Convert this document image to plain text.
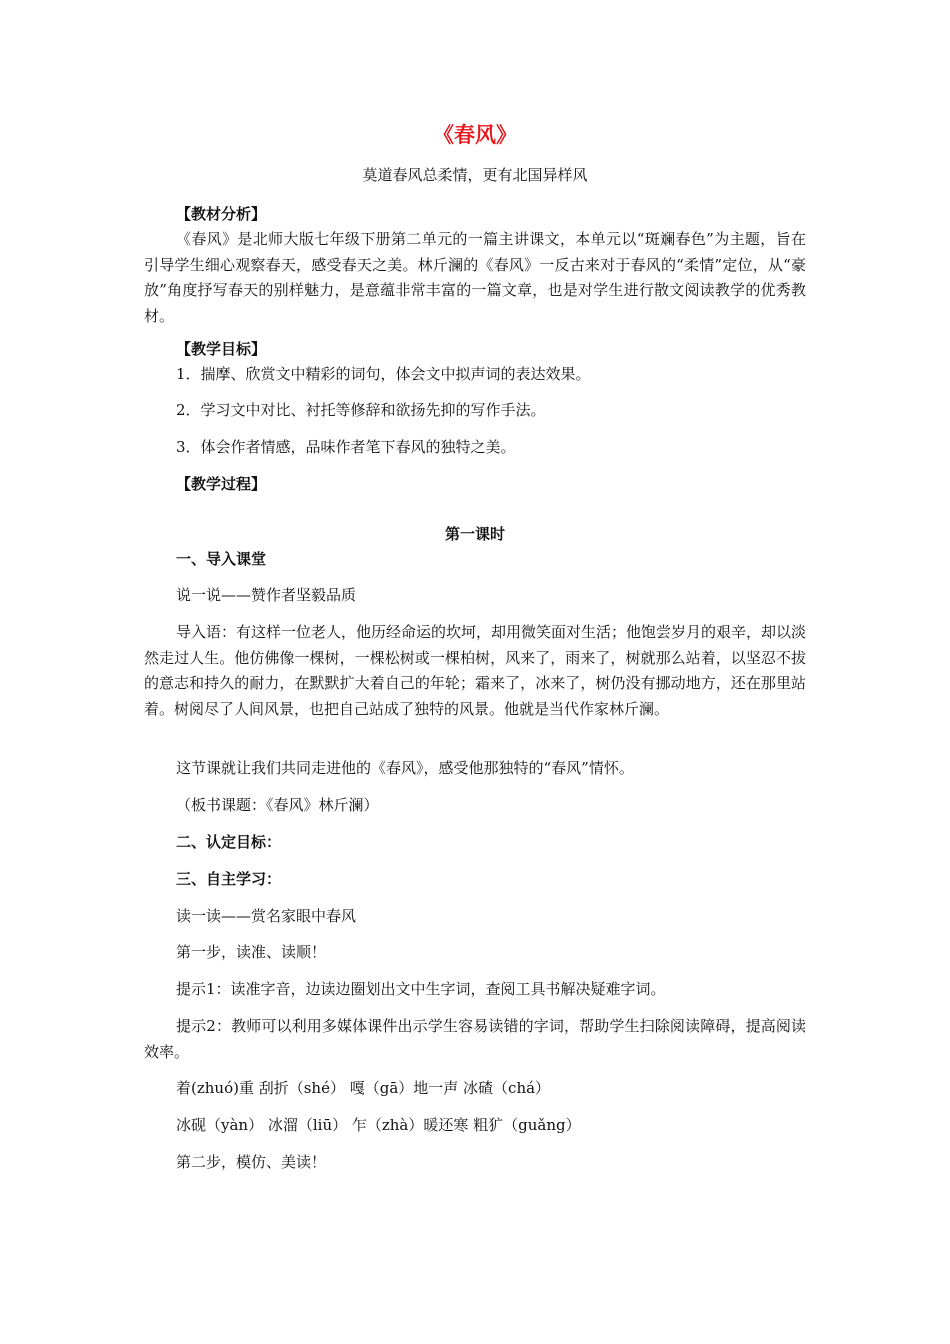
《春风》
莫道春风总柔情，更有北国异样风
【教材分析】

《春风》是北师大版七年级下册第二单元的一篇主讲课文，本单元以“斑斓春色”为主题，旨在引导学生细心观察春天，感受春天之美。林斤澜的《春风》一反古来对于春风的“柔情”定位，从“豪放”角度抒写春天的别样魅力，是意蕴非常丰富的一篇文章，也是对学生进行散文阅读教学的优秀教材。

【教学目标】
1．揣摩、欣赏文中精彩的词句，体会文中拟声词的表达效果。
2．学习文中对比、衬托等修辞和欲扬先抑的写作手法。
3．体会作者情感，品味作者笔下春风的独特之美。
【教学过程】
第一课时
一、导入课堂
说一说——赞作者坚毅品质

导入语：有这样一位老人，他历经命运的坎坷，却用微笑面对生活；他饱尝岁月的艰辛，却以淡然走过人生。他仿佛像一棵树，一棵松树或一棵柏树，风来了，雨来了，树就那么站着，以坚忍不拔的意志和持久的耐力，在默默扩大着自己的年轮；霜来了，冰来了，树仍没有挪动地方，还在那里站着。树阅尽了人间风景，也把自己站成了独特的风景。他就是当代作家林斤澜。

这节课就让我们共同走进他的《春风》，感受他那独特的“春风”情怀。
（板书课题：《春风》林斤澜）
二、认定目标：
三、自主学习：
读一读——赏名家眼中春风
第一步，读准、读顺！
提示1：读准字音，边读边圈划出文中生字词，查阅工具书解决疑难字词。

提示2：教师可以利用多媒体课件出示学生容易读错的字词，帮助学生扫除阅读障碍，提高阅读效率。

着(zhuó)重 刮折（shé） 嘎（gā）地一声 冰碴（chá）
冰砚（yàn） 冰溜（liū） 乍（zhà）暖还寒 粗犷（guǎng）
第二步，模仿、美读！
